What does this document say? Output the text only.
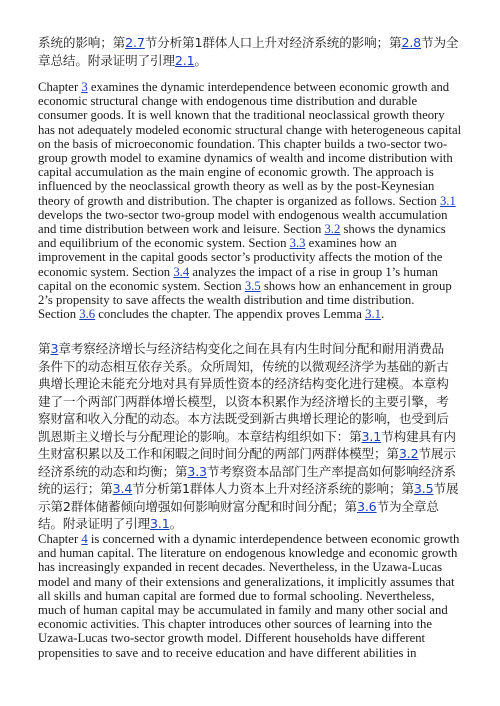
系统的影响；第2.7节分析第1群体人口上升对经济系统的影响；第2.8节为全

章总结。附录证明了引理2.1。

Chapter 3 examines the dynamic interdependence between economic growth and

economic structural change with endogenous time distribution and durable

consumer goods. It is well known that the traditional neoclassical growth theory

has not adequately modeled economic structural change with heterogeneous capital

on the basis of microeconomic foundation. This chapter builds a two-sector two-

group growth model to examine dynamics of wealth and income distribution with

capital accumulation as the main engine of economic growth. The approach is

influenced by the neoclassical growth theory as well as by the post-Keynesian

theory of growth and distribution. The chapter is organized as follows. Section 3.1

develops the two-sector two-group model with endogenous wealth accumulation

and time distribution between work and leisure. Section 3.2 shows the dynamics

and equilibrium of the economic system. Section 3.3 examines how an

improvement in the capital goods sector’s productivity affects the motion of the

economic system. Section 3.4 analyzes the impact of a rise in group 1’s human

capital on the economic system. Section 3.5 shows how an enhancement in group

2’s propensity to save affects the wealth distribution and time distribution.

Section 3.6 concludes the chapter. The appendix proves Lemma 3.1.

第3章考察经济增长与经济结构变化之间在具有内生时间分配和耐用消费品

条件下的动态相互依存关系。众所周知，传统的以微观经济学为基础的新古

典增长理论未能充分地对具有异质性资本的经济结构变化进行建模。本章构

建了一个两部门两群体增长模型，以资本积累作为经济增长的主要引擎，考

察财富和收入分配的动态。本方法既受到新古典增长理论的影响，也受到后

凯恩斯主义增长与分配理论的影响。本章结构组织如下：第3.1节构建具有内

生财富积累以及工作和闲暇之间时间分配的两部门两群体模型；第3.2节展示

经济系统的动态和均衡；第3.3节考察资本品部门生产率提高如何影响经济系

统的运行；第3.4节分析第1群体人力资本上升对经济系统的影响；第3.5节展

示第2群体储蓄倾向增强如何影响财富分配和时间分配；第3.6节为全章总

结。附录证明了引理3.1。

Chapter 4 is concerned with a dynamic interdependence between economic growth

and human capital. The literature on endogenous knowledge and economic growth

has increasingly expanded in recent decades. Nevertheless, in the Uzawa-Lucas

model and many of their extensions and generalizations, it implicitly assumes that

all skills and human capital are formed due to formal schooling. Nevertheless,

much of human capital may be accumulated in family and many other social and

economic activities. This chapter introduces other sources of learning into the

Uzawa-Lucas two-sector growth model. Different households have different

propensities to save and to receive education and have different abilities in
